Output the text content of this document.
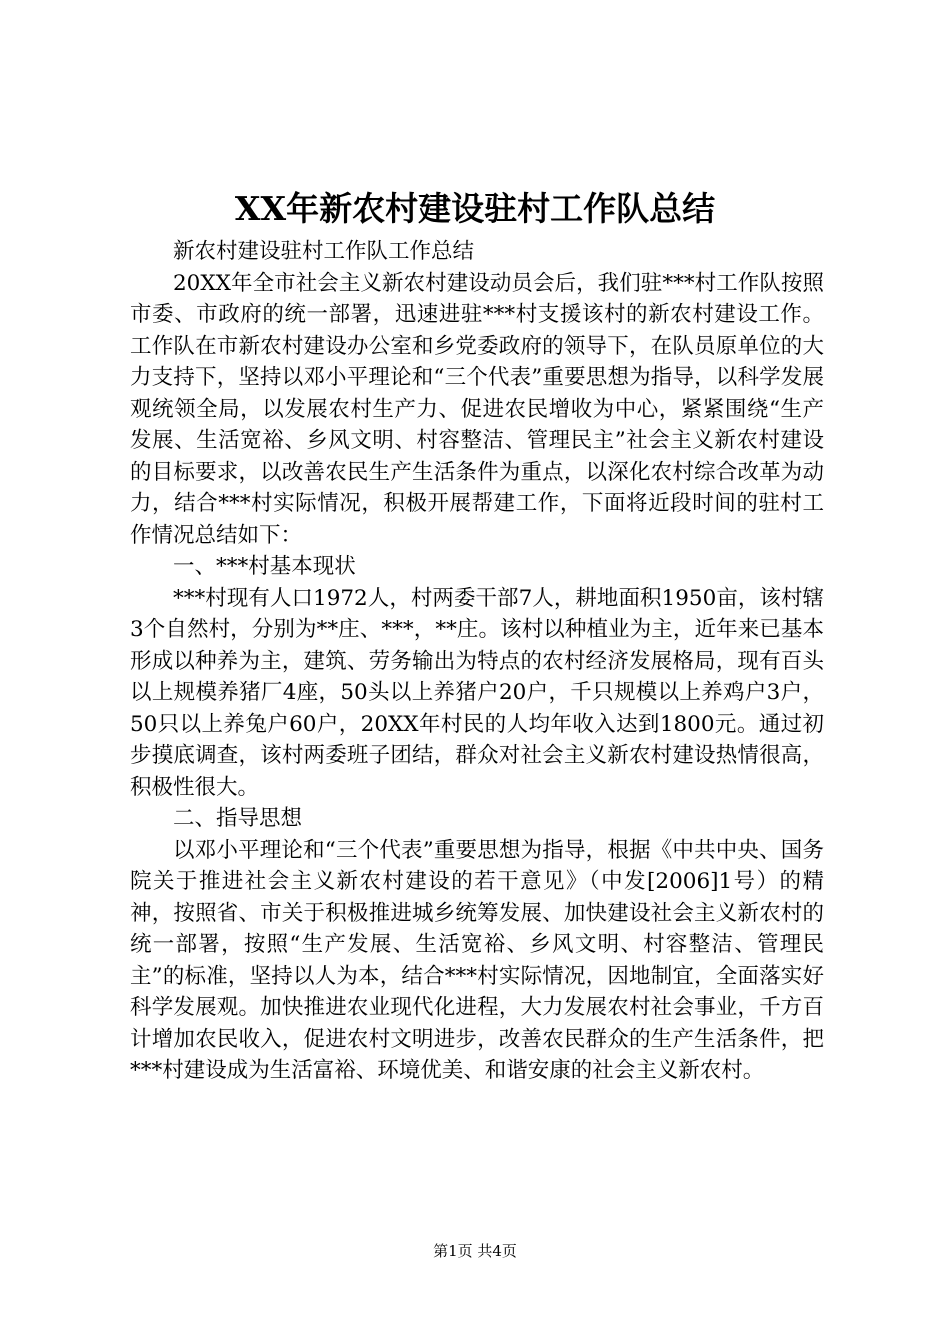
XX年新农村建设驻村工作队总结

新农村建设驻村工作队工作总结

20XX年全市社会主义新农村建设动员会后，我们驻***村工作队按照市委、市政府的统一部署，迅速进驻***村支援该村的新农村建设工作。工作队在市新农村建设办公室和乡党委政府的领导下，在队员原单位的大力支持下，坚持以邓小平理论和“三个代表”重要思想为指导，以科学发展观统领全局，以发展农村生产力、促进农民增收为中心，紧紧围绕“生产发展、生活宽裕、乡风文明、村容整洁、管理民主”社会主义新农村建设的目标要求，以改善农民生产生活条件为重点，以深化农村综合改革为动力，结合***村实际情况，积极开展帮建工作，下面将近段时间的驻村工作情况总结如下：

一、***村基本现状

***村现有人口1972人，村两委干部7人，耕地面积1950亩，该村辖3个自然村，分别为**庄、***，**庄。该村以种植业为主，近年来已基本形成以种养为主，建筑、劳务输出为特点的农村经济发展格局，现有百头以上规模养猪厂4座，50头以上养猪户20户，千只规模以上养鸡户3户，50只以上养兔户60户，20XX年村民的人均年收入达到1800元。通过初步摸底调查，该村两委班子团结，群众对社会主义新农村建设热情很高，积极性很大。

二、指导思想

以邓小平理论和“三个代表”重要思想为指导，根据《中共中央、国务院关于推进社会主义新农村建设的若干意见》（中发[2006]1号）的精神，按照省、市关于积极推进城乡统筹发展、加快建设社会主义新农村的统一部署，按照“生产发展、生活宽裕、乡风文明、村容整洁、管理民主”的标准，坚持以人为本，结合***村实际情况，因地制宜，全面落实好科学发展观。加快推进农业现代化进程，大力发展农村社会事业，千方百计增加农民收入，促进农村文明进步，改善农民群众的生产生活条件，把***村建设成为生活富裕、环境优美、和谐安康的社会主义新农村。

第1页 共4页
